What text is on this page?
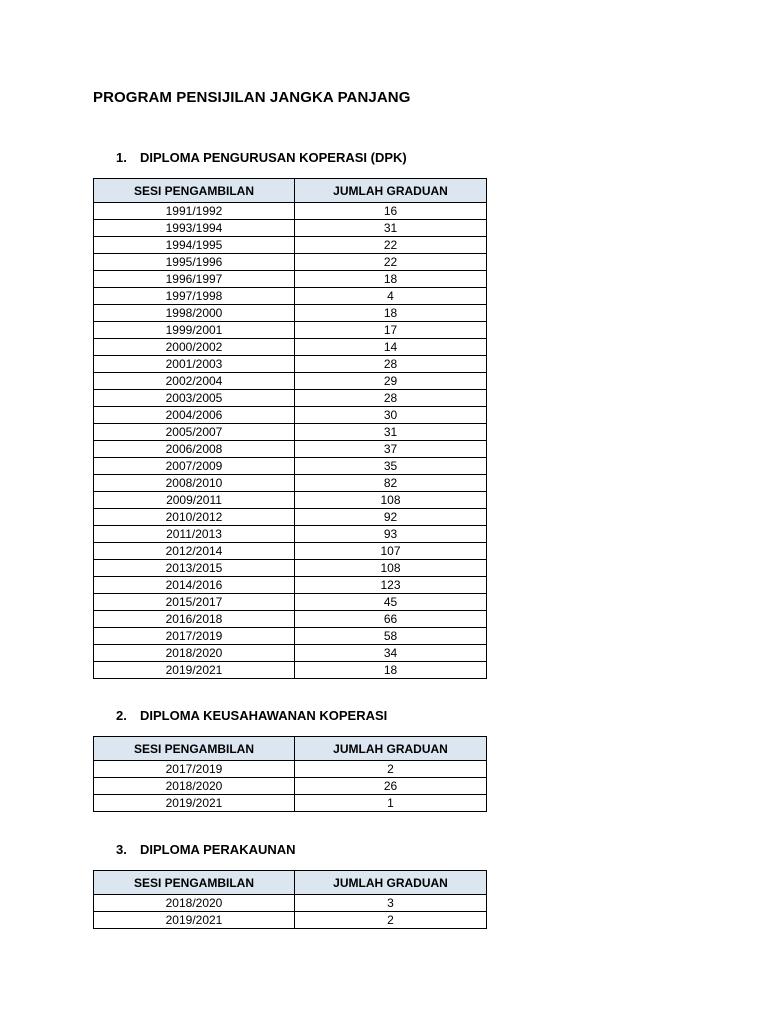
PROGRAM PENSIJILAN JANGKA PANJANG
1. DIPLOMA PENGURUSAN KOPERASI (DPK)
SESI PENGAMBILAN	JUMLAH GRADUAN
1991/1992	16
1993/1994	31
1994/1995	22
1995/1996	22
1996/1997	18
1997/1998	4
1998/2000	18
1999/2001	17
2000/2002	14
2001/2003	28
2002/2004	29
2003/2005	28
2004/2006	30
2005/2007	31
2006/2008	37
2007/2009	35
2008/2010	82
2009/2011	108
2010/2012	92
2011/2013	93
2012/2014	107
2013/2015	108
2014/2016	123
2015/2017	45
2016/2018	66
2017/2019	58
2018/2020	34
2019/2021	18
2. DIPLOMA KEUSAHAWANAN KOPERASI
SESI PENGAMBILAN	JUMLAH GRADUAN
2017/2019	2
2018/2020	26
2019/2021	1
3. DIPLOMA PERAKAUNAN
SESI PENGAMBILAN	JUMLAH GRADUAN
2018/2020	3
2019/2021	2
